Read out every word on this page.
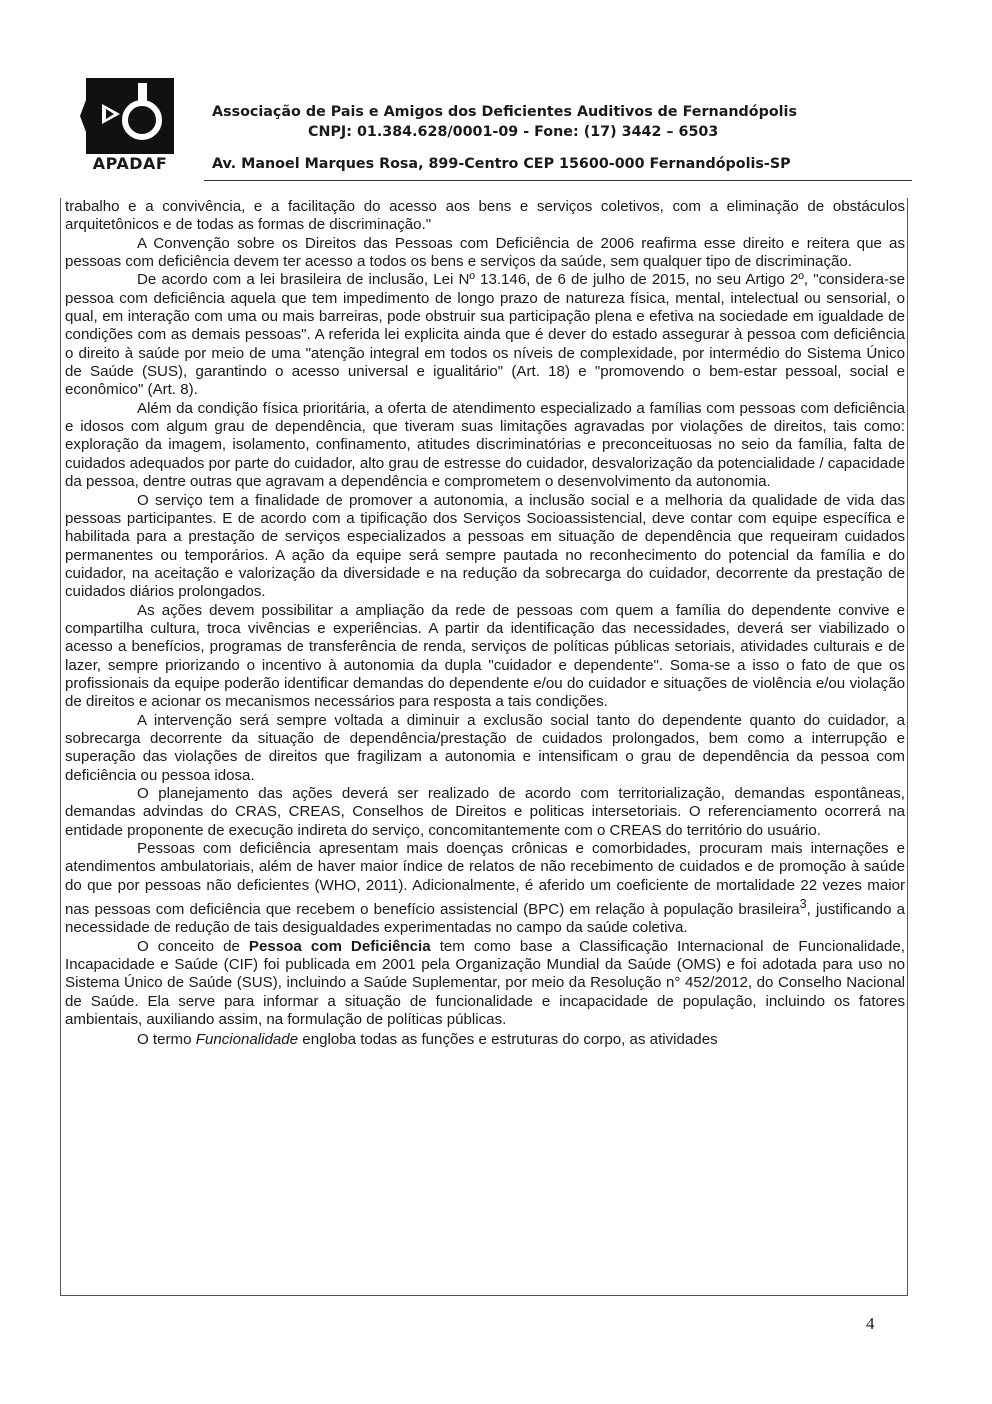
APADAF
Associação de Pais e Amigos dos Deficientes Auditivos de Fernandópolis
CNPJ: 01.384.628/0001-09 - Fone: (17) 3442 – 6503
Av. Manoel Marques Rosa, 899-Centro CEP 15600-000 Fernandópolis-SP

trabalho e a convivência, e a facilitação do acesso aos bens e serviços coletivos, com a eliminação de obstáculos arquitetônicos e de todas as formas de discriminação."

A Convenção sobre os Direitos das Pessoas com Deficiência de 2006 reafirma esse direito e reitera que as pessoas com deficiência devem ter acesso a todos os bens e serviços da saúde, sem qualquer tipo de discriminação.

De acordo com a lei brasileira de inclusão, Lei Nº 13.146, de 6 de julho de 2015, no seu Artigo 2º, "considera-se pessoa com deficiência aquela que tem impedimento de longo prazo de natureza física, mental, intelectual ou sensorial, o qual, em interação com uma ou mais barreiras, pode obstruir sua participação plena e efetiva na sociedade em igualdade de condições com as demais pessoas". A referida lei explicita ainda que é dever do estado assegurar à pessoa com deficiência o direito à saúde por meio de uma "atenção integral em todos os níveis de complexidade, por intermédio do Sistema Único de Saúde (SUS), garantindo o acesso universal e igualitário" (Art. 18) e "promovendo o bem-estar pessoal, social e econômico" (Art. 8).

Além da condição física prioritária, a oferta de atendimento especializado a famílias com pessoas com deficiência e idosos com algum grau de dependência, que tiveram suas limitações agravadas por violações de direitos, tais como: exploração da imagem, isolamento, confinamento, atitudes discriminatórias e preconceituosas no seio da família, falta de cuidados adequados por parte do cuidador, alto grau de estresse do cuidador, desvalorização da potencialidade / capacidade da pessoa, dentre outras que agravam a dependência e comprometem o desenvolvimento da autonomia.

O serviço tem a finalidade de promover a autonomia, a inclusão social e a melhoria da qualidade de vida das pessoas participantes. E de acordo com a tipificação dos Serviços Socioassistencial, deve contar com equipe específica e habilitada para a prestação de serviços especializados a pessoas em situação de dependência que requeiram cuidados permanentes ou temporários. A ação da equipe será sempre pautada no reconhecimento do potencial da família e do cuidador, na aceitação e valorização da diversidade e na redução da sobrecarga do cuidador, decorrente da prestação de cuidados diários prolongados.

As ações devem possibilitar a ampliação da rede de pessoas com quem a família do dependente convive e compartilha cultura, troca vivências e experiências. A partir da identificação das necessidades, deverá ser viabilizado o acesso a benefícios, programas de transferência de renda, serviços de políticas públicas setoriais, atividades culturais e de lazer, sempre priorizando o incentivo à autonomia da dupla "cuidador e dependente". Soma-se a isso o fato de que os profissionais da equipe poderão identificar demandas do dependente e/ou do cuidador e situações de violência e/ou violação de direitos e acionar os mecanismos necessários para resposta a tais condições.

A intervenção será sempre voltada a diminuir a exclusão social tanto do dependente quanto do cuidador, a sobrecarga decorrente da situação de dependência/prestação de cuidados prolongados, bem como a interrupção e superação das violações de direitos que fragilizam a autonomia e intensificam o grau de dependência da pessoa com deficiência ou pessoa idosa.

O planejamento das ações deverá ser realizado de acordo com territorialização, demandas espontâneas, demandas advindas do CRAS, CREAS, Conselhos de Direitos e politicas intersetoriais. O referenciamento ocorrerá na entidade proponente de execução indireta do serviço, concomitantemente com o CREAS do território do usuário.

Pessoas com deficiência apresentam mais doenças crônicas e comorbidades, procuram mais internações e atendimentos ambulatoriais, além de haver maior índice de relatos de não recebimento de cuidados e de promoção à saúde do que por pessoas não deficientes (WHO, 2011). Adicionalmente, é aferido um coeficiente de mortalidade 22 vezes maior nas pessoas com deficiência que recebem o benefício assistencial (BPC) em relação à população brasileira$^3$, justificando a necessidade de redução de tais desigualdades experimentadas no campo da saúde coletiva.

O conceito de Pessoa com Deficiência tem como base a Classificação Internacional de Funcionalidade, Incapacidade e Saúde (CIF) foi publicada em 2001 pela Organização Mundial da Saúde (OMS) e foi adotada para uso no Sistema Único de Saúde (SUS), incluindo a Saúde Suplementar, por meio da Resolução n° 452/2012, do Conselho Nacional de Saúde. Ela serve para informar a situação de funcionalidade e incapacidade de população, incluindo os fatores ambientais, auxiliando assim, na formulação de políticas públicas.

O termo Funcionalidade engloba todas as funções e estruturas do corpo, as atividades

4
